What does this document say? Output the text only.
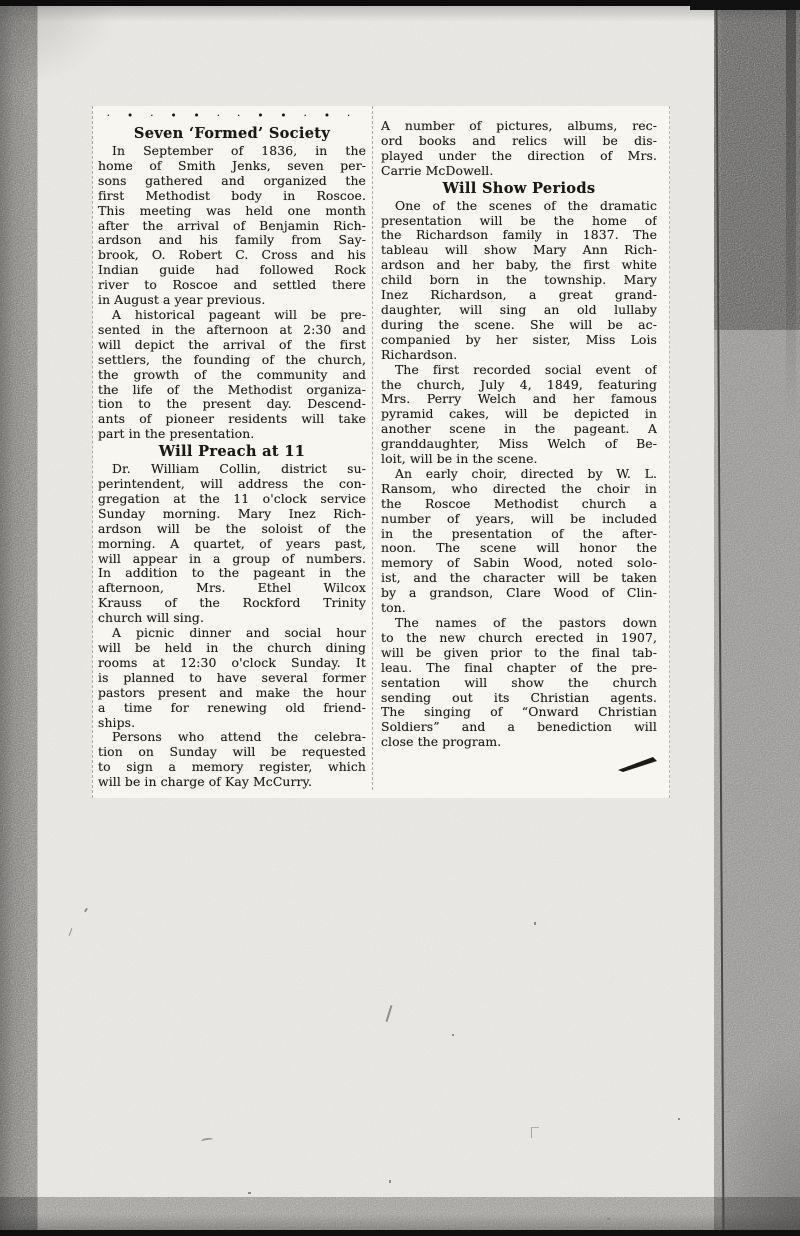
· • · • • · · • • · • ·
Seven ‘Formed’ Society
In September of 1836, in the
home of Smith Jenks, seven per-
sons gathered and organized the
first Methodist body in Roscoe.
This meeting was held one month
after the arrival of Benjamin Rich-
ardson and his family from Say-
brook, O. Robert C. Cross and his
Indian guide had followed Rock
river to Roscoe and settled there
in August a year previous.
A historical pageant will be pre-
sented in the afternoon at 2:30 and
will depict the arrival of the first
settlers, the founding of the church,
the growth of the community and
the life of the Methodist organiza-
tion to the present day. Descend-
ants of pioneer residents will take
part in the presentation.
Will Preach at 11
Dr. William Collin, district su-
perintendent, will address the con-
gregation at the 11 o'clock service
Sunday morning. Mary Inez Rich-
ardson will be the soloist of the
morning. A quartet, of years past,
will appear in a group of numbers.
In addition to the pageant in the
afternoon, Mrs. Ethel Wilcox
Krauss of the Rockford Trinity
church will sing.
A picnic dinner and social hour
will be held in the church dining
rooms at 12:30 o'clock Sunday. It
is planned to have several former
pastors present and make the hour
a time for renewing old friend-
ships.
Persons who attend the celebra-
tion on Sunday will be requested
to sign a memory register, which
will be in charge of Kay McCurry.
A number of pictures, albums, rec-
ord books and relics will be dis-
played under the direction of Mrs.
Carrie McDowell.
Will Show Periods
One of the scenes of the dramatic
presentation will be the home of
the Richardson family in 1837. The
tableau will show Mary Ann Rich-
ardson and her baby, the first white
child born in the township. Mary
Inez Richardson, a great grand-
daughter, will sing an old lullaby
during the scene. She will be ac-
companied by her sister, Miss Lois
Richardson.
The first recorded social event of
the church, July 4, 1849, featuring
Mrs. Perry Welch and her famous
pyramid cakes, will be depicted in
another scene in the pageant. A
granddaughter, Miss Welch of Be-
loit, will be in the scene.
An early choir, directed by W. L.
Ransom, who directed the choir in
the Roscoe Methodist church a
number of years, will be included
in the presentation of the after-
noon. The scene will honor the
memory of Sabin Wood, noted solo-
ist, and the character will be taken
by a grandson, Clare Wood of Clin-
ton.
The names of the pastors down
to the new church erected in 1907,
will be given prior to the final tab-
leau. The final chapter of the pre-
sentation will show the church
sending out its Christian agents.
The singing of “Onward Christian
Soldiers” and a benediction will
close the program.
